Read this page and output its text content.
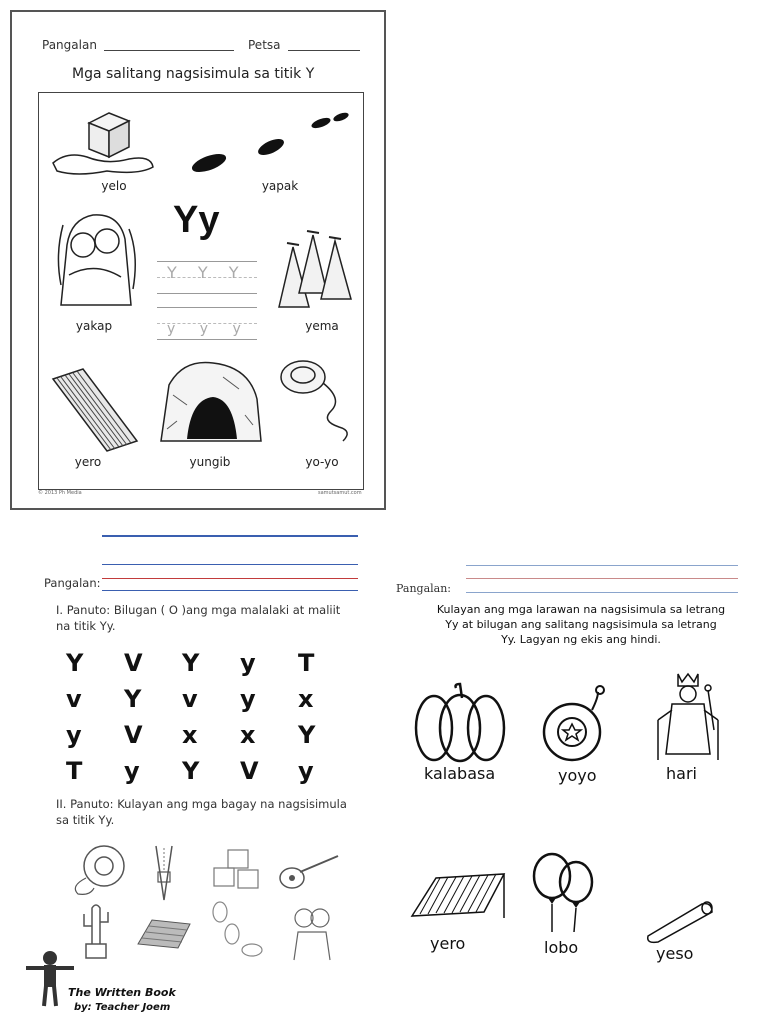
Pangalan	Petsa
Mga salitang nagsisimula sa titik Y
yelo	yapak
yakap
Yy
Y Y Y
y y y	yema
yero	yungib	yo-yo
© 2013 Ph Media	samutsamut.com
Pangalan:
I. Panuto: Bilugan ( O )ang mga malalaki at maliit na titik Yy.
Y	V	Y	y	T
v	Y	v	y	x
y	V	x	x	Y
T	y	Y	V	y
II. Panuto: Kulayan ang mga bagay na nagsisimula sa titik Yy.
The Written Book
by: Teacher Joem
Pangalan:
Kulayan ang mga larawan na nagsisimula sa letrang
Yy at bilugan ang salitang nagsisimula sa letrang
Yy. Lagyan ng ekis ang hindi.
kalabasa	yoyo	hari
yero	lobo	yeso
